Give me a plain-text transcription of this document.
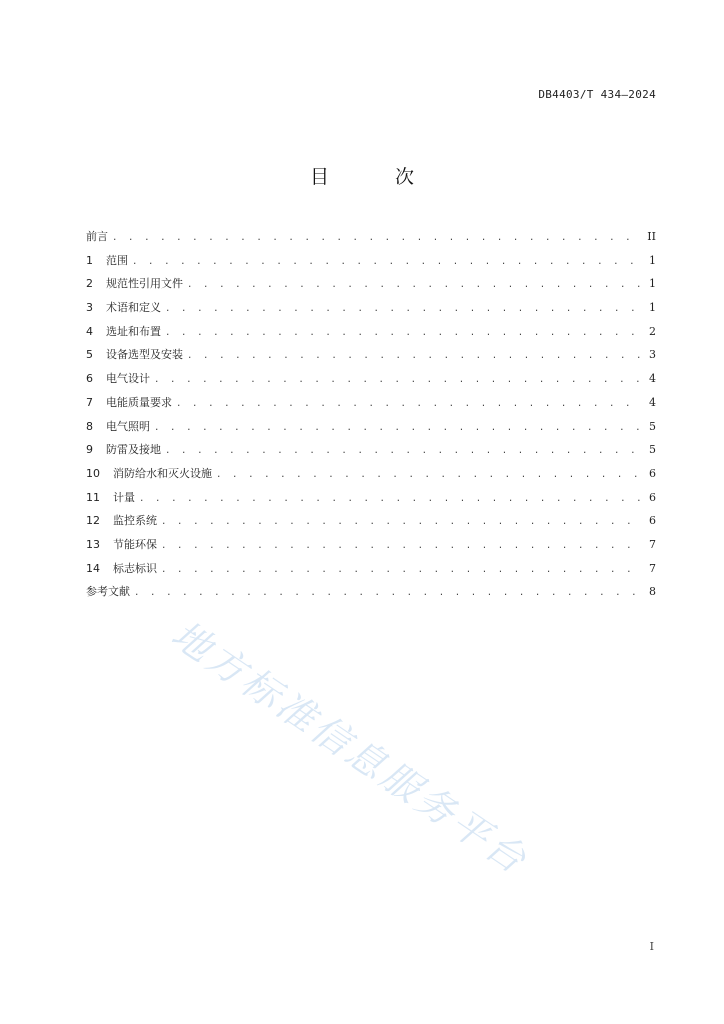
DB4403/T 434—2024
目 次
前言 . . .	II
1	范围 . . .	1
2	规范性引用文件 . . .	1
3	术语和定义 . . .	1
4	选址和布置 . . .	2
5	设备选型及安装 . . .	3
6	电气设计 . . .	4
7	电能质量要求 . . .	4
8	电气照明 . . .	5
9	防雷及接地 . . .	5
10	消防给水和灭火设施 . . .	6
11	计量 . . .	6
12	监控系统 . . .	6
13	节能环保 . . .	7
14	标志标识 . . .	7
参考文献 . . .	8
地方标准信息服务平台
I
